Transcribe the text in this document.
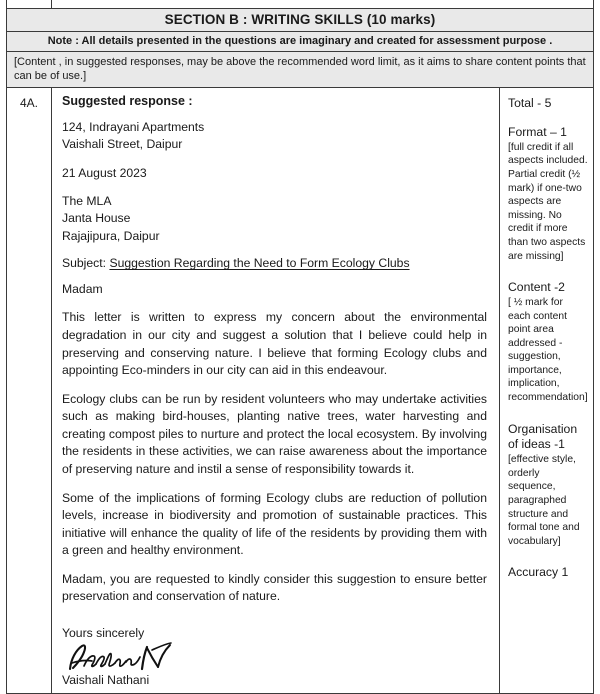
SECTION B : WRITING SKILLS (10 marks)
Note : All details presented in the questions are imaginary and created for assessment purpose .
[Content , in suggested responses, may be above the recommended word limit, as it aims to share content points that can be of use.]
4A.	Suggested response :

124, Indrayani Apartments

Vaishali Street, Daipur

21 August 2023

The MLA

Janta House

Rajajipura, Daipur

Subject: Suggestion Regarding the Need to Form Ecology Clubs

Madam

This letter is written to express my concern about the environmental degradation in our city and suggest a solution that I believe could help in preserving and conserving nature. I believe that forming Ecology clubs and appointing Eco-minders in our city can aid in this endeavour.

Ecology clubs can be run by resident volunteers who may undertake activities such as making bird-houses, planting native trees, water harvesting and creating compost piles to nurture and protect the local ecosystem. By involving the residents in these activities, we can raise awareness about the importance of preserving nature and instil a sense of responsibility towards it.

Some of the implications of forming Ecology clubs are reduction of pollution levels, increase in biodiversity and promotion of sustainable practices. This initiative will enhance the quality of life of the residents by providing them with a green and healthy environment.

Madam, you are requested to kindly consider this suggestion to ensure better preservation and conservation of nature.

Yours sincerely

Vaishali Nathani

Total - 5

Format – 1

[full credit if all aspects included. Partial credit (½ mark) if one-two aspects are missing. No credit if more than two aspects are missing]

Content -2

[ ½ mark for each content point area addressed - suggestion, importance, implication, recommendation]

Organisation of ideas -1

[effective style, orderly sequence, paragraphed structure and formal tone and vocabulary]

Accuracy 1
